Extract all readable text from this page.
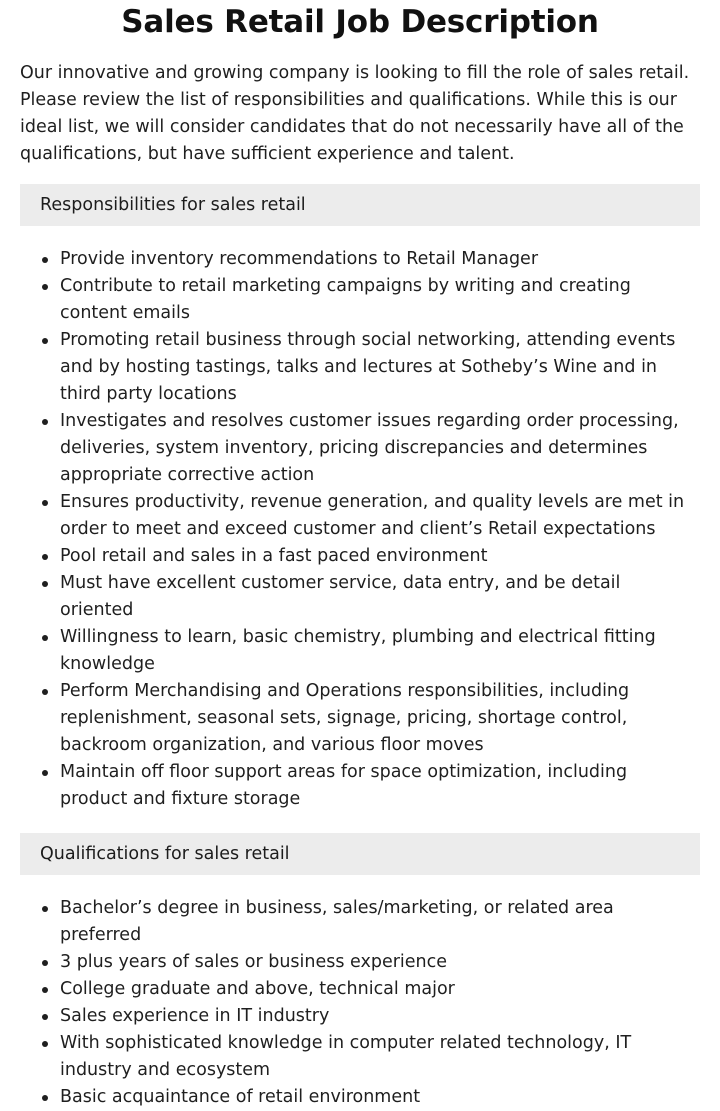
Sales Retail Job Description

Our innovative and growing company is looking to fill the role of sales retail. Please review the list of responsibilities and qualifications. While this is our ideal list, we will consider candidates that do not necessarily have all of the qualifications, but have sufficient experience and talent.

Responsibilities for sales retail
Provide inventory recommendations to Retail Manager
Contribute to retail marketing campaigns by writing and creating content emails
Promoting retail business through social networking, attending events and by hosting tastings, talks and lectures at Sotheby’s Wine and in third party locations
Investigates and resolves customer issues regarding order processing, deliveries, system inventory, pricing discrepancies and determines appropriate corrective action
Ensures productivity, revenue generation, and quality levels are met in order to meet and exceed customer and client’s Retail expectations
Pool retail and sales in a fast paced environment
Must have excellent customer service, data entry, and be detail oriented
Willingness to learn, basic chemistry, plumbing and electrical fitting knowledge
Perform Merchandising and Operations responsibilities, including replenishment, seasonal sets, signage, pricing, shortage control, backroom organization, and various floor moves
Maintain off floor support areas for space optimization, including product and fixture storage
Qualifications for sales retail
Bachelor’s degree in business, sales/marketing, or related area preferred
3 plus years of sales or business experience
College graduate and above, technical major
Sales experience in IT industry
With sophisticated knowledge in computer related technology, IT industry and ecosystem
Basic acquaintance of retail environment
